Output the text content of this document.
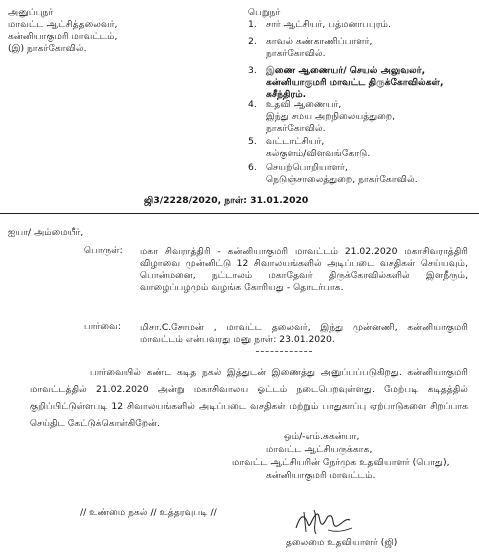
அனுப்புநர்
மாவட்ட ஆட்சித்தலைவர்,
கன்னியாகுமரி மாவட்டம்,
(இ) நாகர்கோவில்.
பெறுநர்
1. சார் ஆட்சியர், பத்மனாபபுரம்.
2. காவல் கண்காணிப்பாளர்,
நாகர்கோவில்.
3. இணை ஆணையர்/ செயல் அலுவலர்,
கன்னியாகுமரி மாவட்ட திருக்கோவில்கள்,
சுசீந்திரம்.
4. உதவி ஆணையர்,
இந்து சமய அறநிலையத்துறை,
நாகர்கோவில்.
5. வட்டாட்சியர்,
கல்குளம்/விளவங்கோடு.
6. செயற்பொறியாளர்,
நெடுஞ்சாலைத்துறை, நாகர்கோவில்.
ஜி3/2228/2020, நாள்: 31.01.2020
ஐயா/ அம்மையீர்,
பொருள்: மகா சிவராத்திரி - கன்னியாகுமரி மாவட்டம் 21.02.2020 மகாசிவராத்திரி விழாவை முன்னிட்டு 12 சிவாலயங்களில் அடிப்படை வசதிகள் செய்யவும், பொன்மனை, நட்டாலம் மகாதேவர் திருக்கோவில்களில் இளநீரும், வாழைப்பழமும் வழங்க கோரியது - தொடர்பாக.
பார்வை: மிசா.C.சோமன் , மாவட்ட தலைவர், இந்து முன்னணி, கன்னியாகுமரி மாவட்டம் என்பவரது மனு நாள்: 23.01.2020.
பார்வையில் கண்ட கடித நகல் இத்துடன் இணைத்து அனுப்பப்படுகிறது. கன்னியாகுமரி மாவட்டத்தில் 21.02.2020 அன்று மகாசிவாலய ஓட்டம் நடைபெறவுள்ளது. மேற்படி கடிதத்தில் குறிப்பிட்டுள்ளபடி 12 சிவாலயங்களில் அடிப்படை வசதிகள் மற்றும் பாதுகாப்பு ஏற்பாடுகளை சிறப்பாக செய்திட கேட்டுக்கொள்கிறேன்.
ஒம்/-எம்.சுகன்யா,
மாவட்ட ஆட்சியருக்காக,
மாவட்ட ஆட்சியரின் நேர்முக உதவியாளர் (பொது),
கன்னியாகுமரி மாவட்டம்.
// உண்மை நகல் // உத்தரவுபடி //
தலைமை உதவியாளர் (ஜி)
